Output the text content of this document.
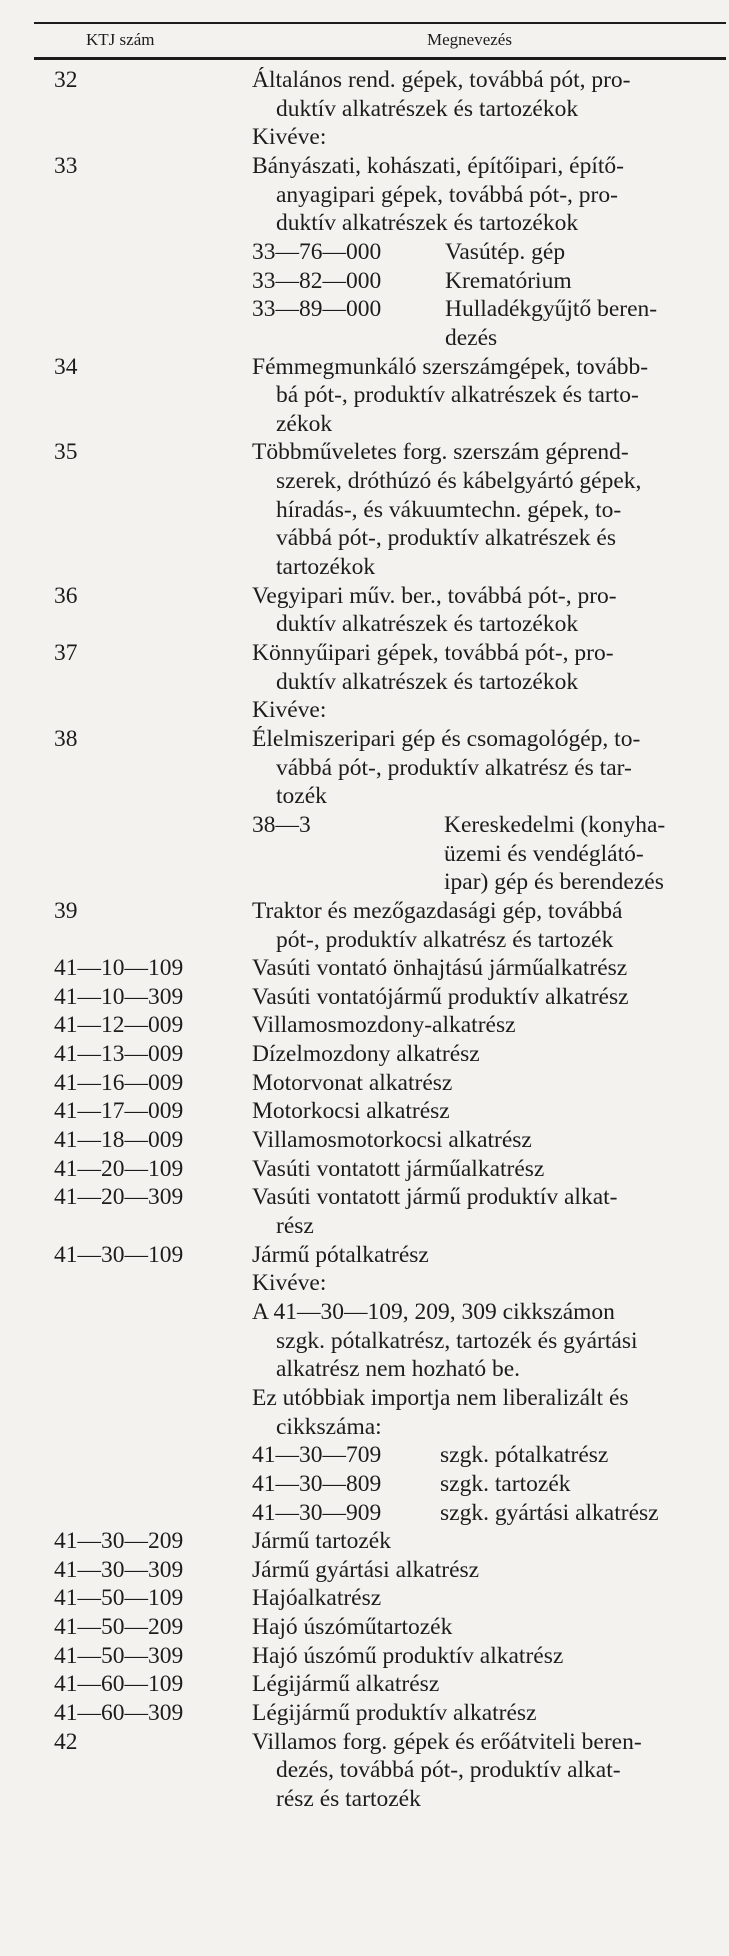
KTJ szám	Megnevezés
32	Általános rend. gépek, továbbá pót, pro-
duktív alkatrészek és tartozékok
Kivéve:
33	Bányászati, kohászati, építőipari, építő-
anyagipari gépek, továbbá pót-, pro-
duktív alkatrészek és tartozékok
33—76—000	Vasútép. gép
33—82—000	Krematórium
33—89—000	Hulladékgyűjtő beren-
dezés
34	Fémmegmunkáló szerszámgépek, tovább-
bá pót-, produktív alkatrészek és tarto-
zékok
35	Többműveletes forg. szerszám géprend-
szerek, dróthúzó és kábelgyártó gépek,
híradás-, és vákuumtechn. gépek, to-
vábbá pót-, produktív alkatrészek és
tartozékok
36	Vegyipari műv. ber., továbbá pót-, pro-
duktív alkatrészek és tartozékok
37	Könnyűipari gépek, továbbá pót-, pro-
duktív alkatrészek és tartozékok
Kivéve:
38	Élelmiszeripari gép és csomagológép, to-
vábbá pót-, produktív alkatrész és tar-
tozék
38—3	Kereskedelmi (konyha-
üzemi és vendéglátó-
ipar) gép és berendezés
39	Traktor és mezőgazdasági gép, továbbá
pót-, produktív alkatrész és tartozék
41—10—109	Vasúti vontató önhajtású járműalkatrész
41—10—309	Vasúti vontatójármű produktív alkatrész
41—12—009	Villamosmozdony-alkatrész
41—13—009	Dízelmozdony alkatrész
41—16—009	Motorvonat alkatrész
41—17—009	Motorkocsi alkatrész
41—18—009	Villamosmotorkocsi alkatrész
41—20—109	Vasúti vontatott járműalkatrész
41—20—309	Vasúti vontatott jármű produktív alkat-
rész
41—30—109	Jármű pótalkatrész
Kivéve:
A 41—30—109, 209, 309 cikkszámon
szgk. pótalkatrész, tartozék és gyártási
alkatrész nem hozható be.
Ez utóbbiak importja nem liberalizált és
cikkszáma:
41—30—709	szgk. pótalkatrész
41—30—809	szgk. tartozék
41—30—909	szgk. gyártási alkatrész
41—30—209	Jármű tartozék
41—30—309	Jármű gyártási alkatrész
41—50—109	Hajóalkatrész
41—50—209	Hajó úszóműtartozék
41—50—309	Hajó úszómű produktív alkatrész
41—60—109	Légijármű alkatrész
41—60—309	Légijármű produktív alkatrész
42	Villamos forg. gépek és erőátviteli beren-
dezés, továbbá pót-, produktív alkat-
rész és tartozék
